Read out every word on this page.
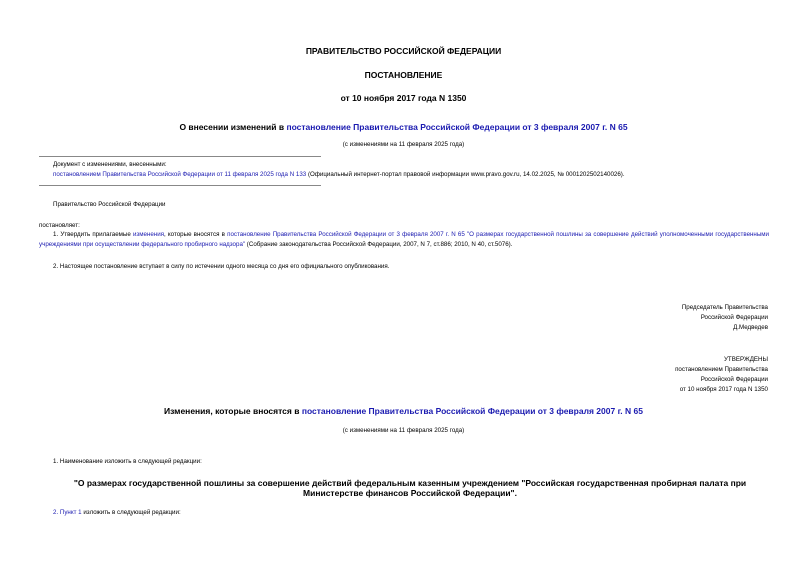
ПРАВИТЕЛЬСТВО РОССИЙСКОЙ ФЕДЕРАЦИИ
ПОСТАНОВЛЕНИЕ
от 10 ноября 2017 года N 1350
О внесении изменений в постановление Правительства Российской Федерации от 3 февраля 2007 г. N 65
(с изменениями на 11 февраля 2025 года)
Документ с изменениями, внесенными:
постановлением Правительства Российской Федерации от 11 февраля 2025 года N 133 (Официальный интернет-портал правовой информации www.pravo.gov.ru, 14.02.2025, № 0001202502140026).
Правительство Российской Федерации
постановляет:
1. Утвердить прилагаемые изменения, которые вносятся в постановление Правительства Российской Федерации от 3 февраля 2007 г. N 65 "О размерах государственной пошлины за совершение действий уполномоченными государственными учреждениями при осуществлении федерального пробирного надзора" (Собрание законодательства Российской Федерации, 2007, N 7, ст.886; 2010, N 40, ст.5076).
2. Настоящее постановление вступает в силу по истечении одного месяца со дня его официального опубликования.
Председатель Правительства
Российской Федерации
Д.Медведев
УТВЕРЖДЕНЫ
постановлением Правительства
Российской Федерации
от 10 ноября 2017 года N 1350
Изменения, которые вносятся в постановление Правительства Российской Федерации от 3 февраля 2007 г. N 65
(с изменениями на 11 февраля 2025 года)
1. Наименование изложить в следующей редакции:
"О размерах государственной пошлины за совершение действий федеральным казенным учреждением "Российская государственная пробирная палата при Министерстве финансов Российской Федерации".
2. Пункт 1 изложить в следующей редакции:
